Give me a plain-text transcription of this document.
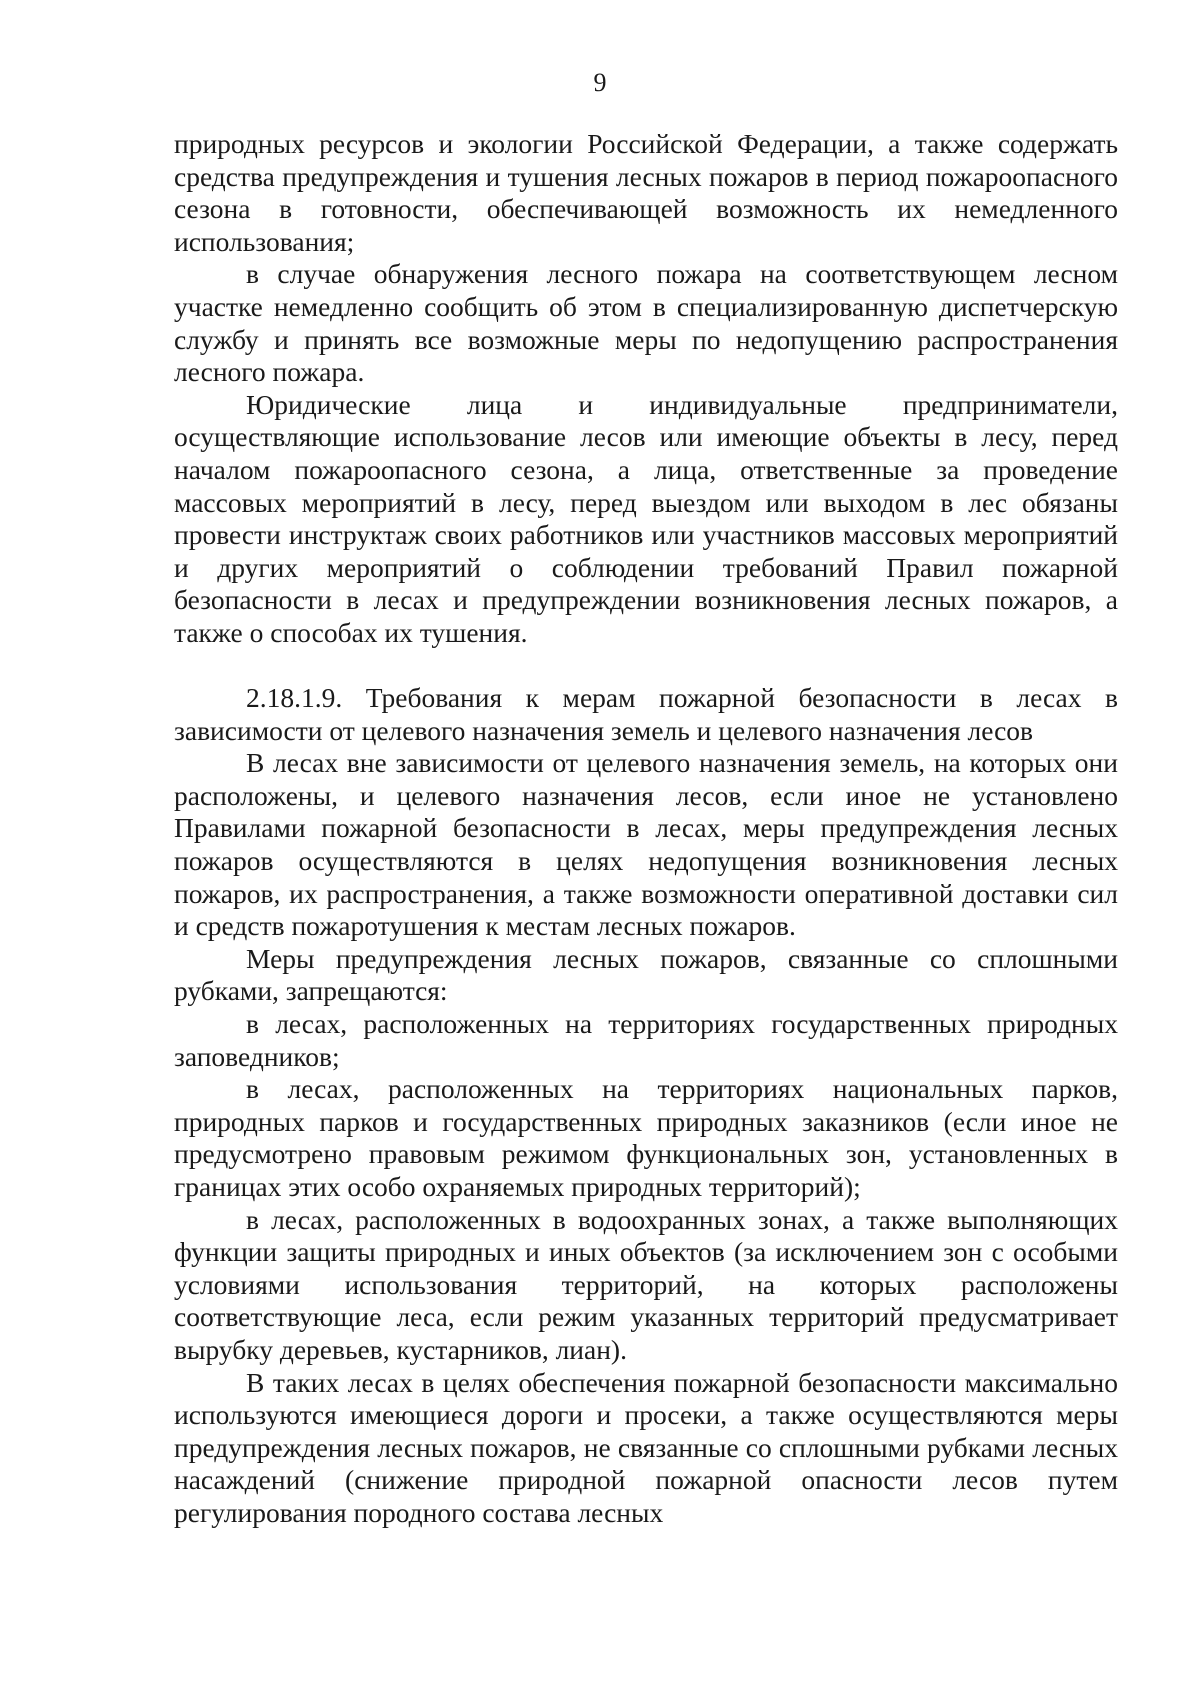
9

природных ресурсов и экологии Российской Федерации, а также содержать средства предупреждения и тушения лесных пожаров в период пожароопасного сезона в готовности, обеспечивающей возможность их немедленного использования;

в случае обнаружения лесного пожара на соответствующем лесном участке немедленно сообщить об этом в специализированную диспетчерскую службу и принять все возможные меры по недопущению распространения лесного пожара.

Юридические лица и индивидуальные предприниматели, осуществляющие использование лесов или имеющие объекты в лесу, перед началом пожароопасного сезона, а лица, ответственные за проведение массовых мероприятий в лесу, перед выездом или выходом в лес обязаны провести инструктаж своих работников или участников массовых мероприятий и других мероприятий о соблюдении требований Правил пожарной безопасности в лесах и предупреждении возникновения лесных пожаров, а также о способах их тушения.

2.18.1.9. Требования к мерам пожарной безопасности в лесах в зависимости от целевого назначения земель и целевого назначения лесов

В лесах вне зависимости от целевого назначения земель, на которых они расположены, и целевого назначения лесов, если иное не установлено Правилами пожарной безопасности в лесах, меры предупреждения лесных пожаров осуществляются в целях недопущения возникновения лесных пожаров, их распространения, а также возможности оперативной доставки сил и средств пожаротушения к местам лесных пожаров.

Меры предупреждения лесных пожаров, связанные со сплошными рубками, запрещаются:

в лесах, расположенных на территориях государственных природных заповедников;

в лесах, расположенных на территориях национальных парков, природных парков и государственных природных заказников (если иное не предусмотрено правовым режимом функциональных зон, установленных в границах этих особо охраняемых природных территорий);

в лесах, расположенных в водоохранных зонах, а также выполняющих функции защиты природных и иных объектов (за исключением зон с особыми условиями использования территорий, на которых расположены соответствующие леса, если режим указанных территорий предусматривает вырубку деревьев, кустарников, лиан).

В таких лесах в целях обеспечения пожарной безопасности максимально используются имеющиеся дороги и просеки, а также осуществляются меры предупреждения лесных пожаров, не связанные со сплошными рубками лесных насаждений (снижение природной пожарной опасности лесов путем регулирования породного состава лесных
